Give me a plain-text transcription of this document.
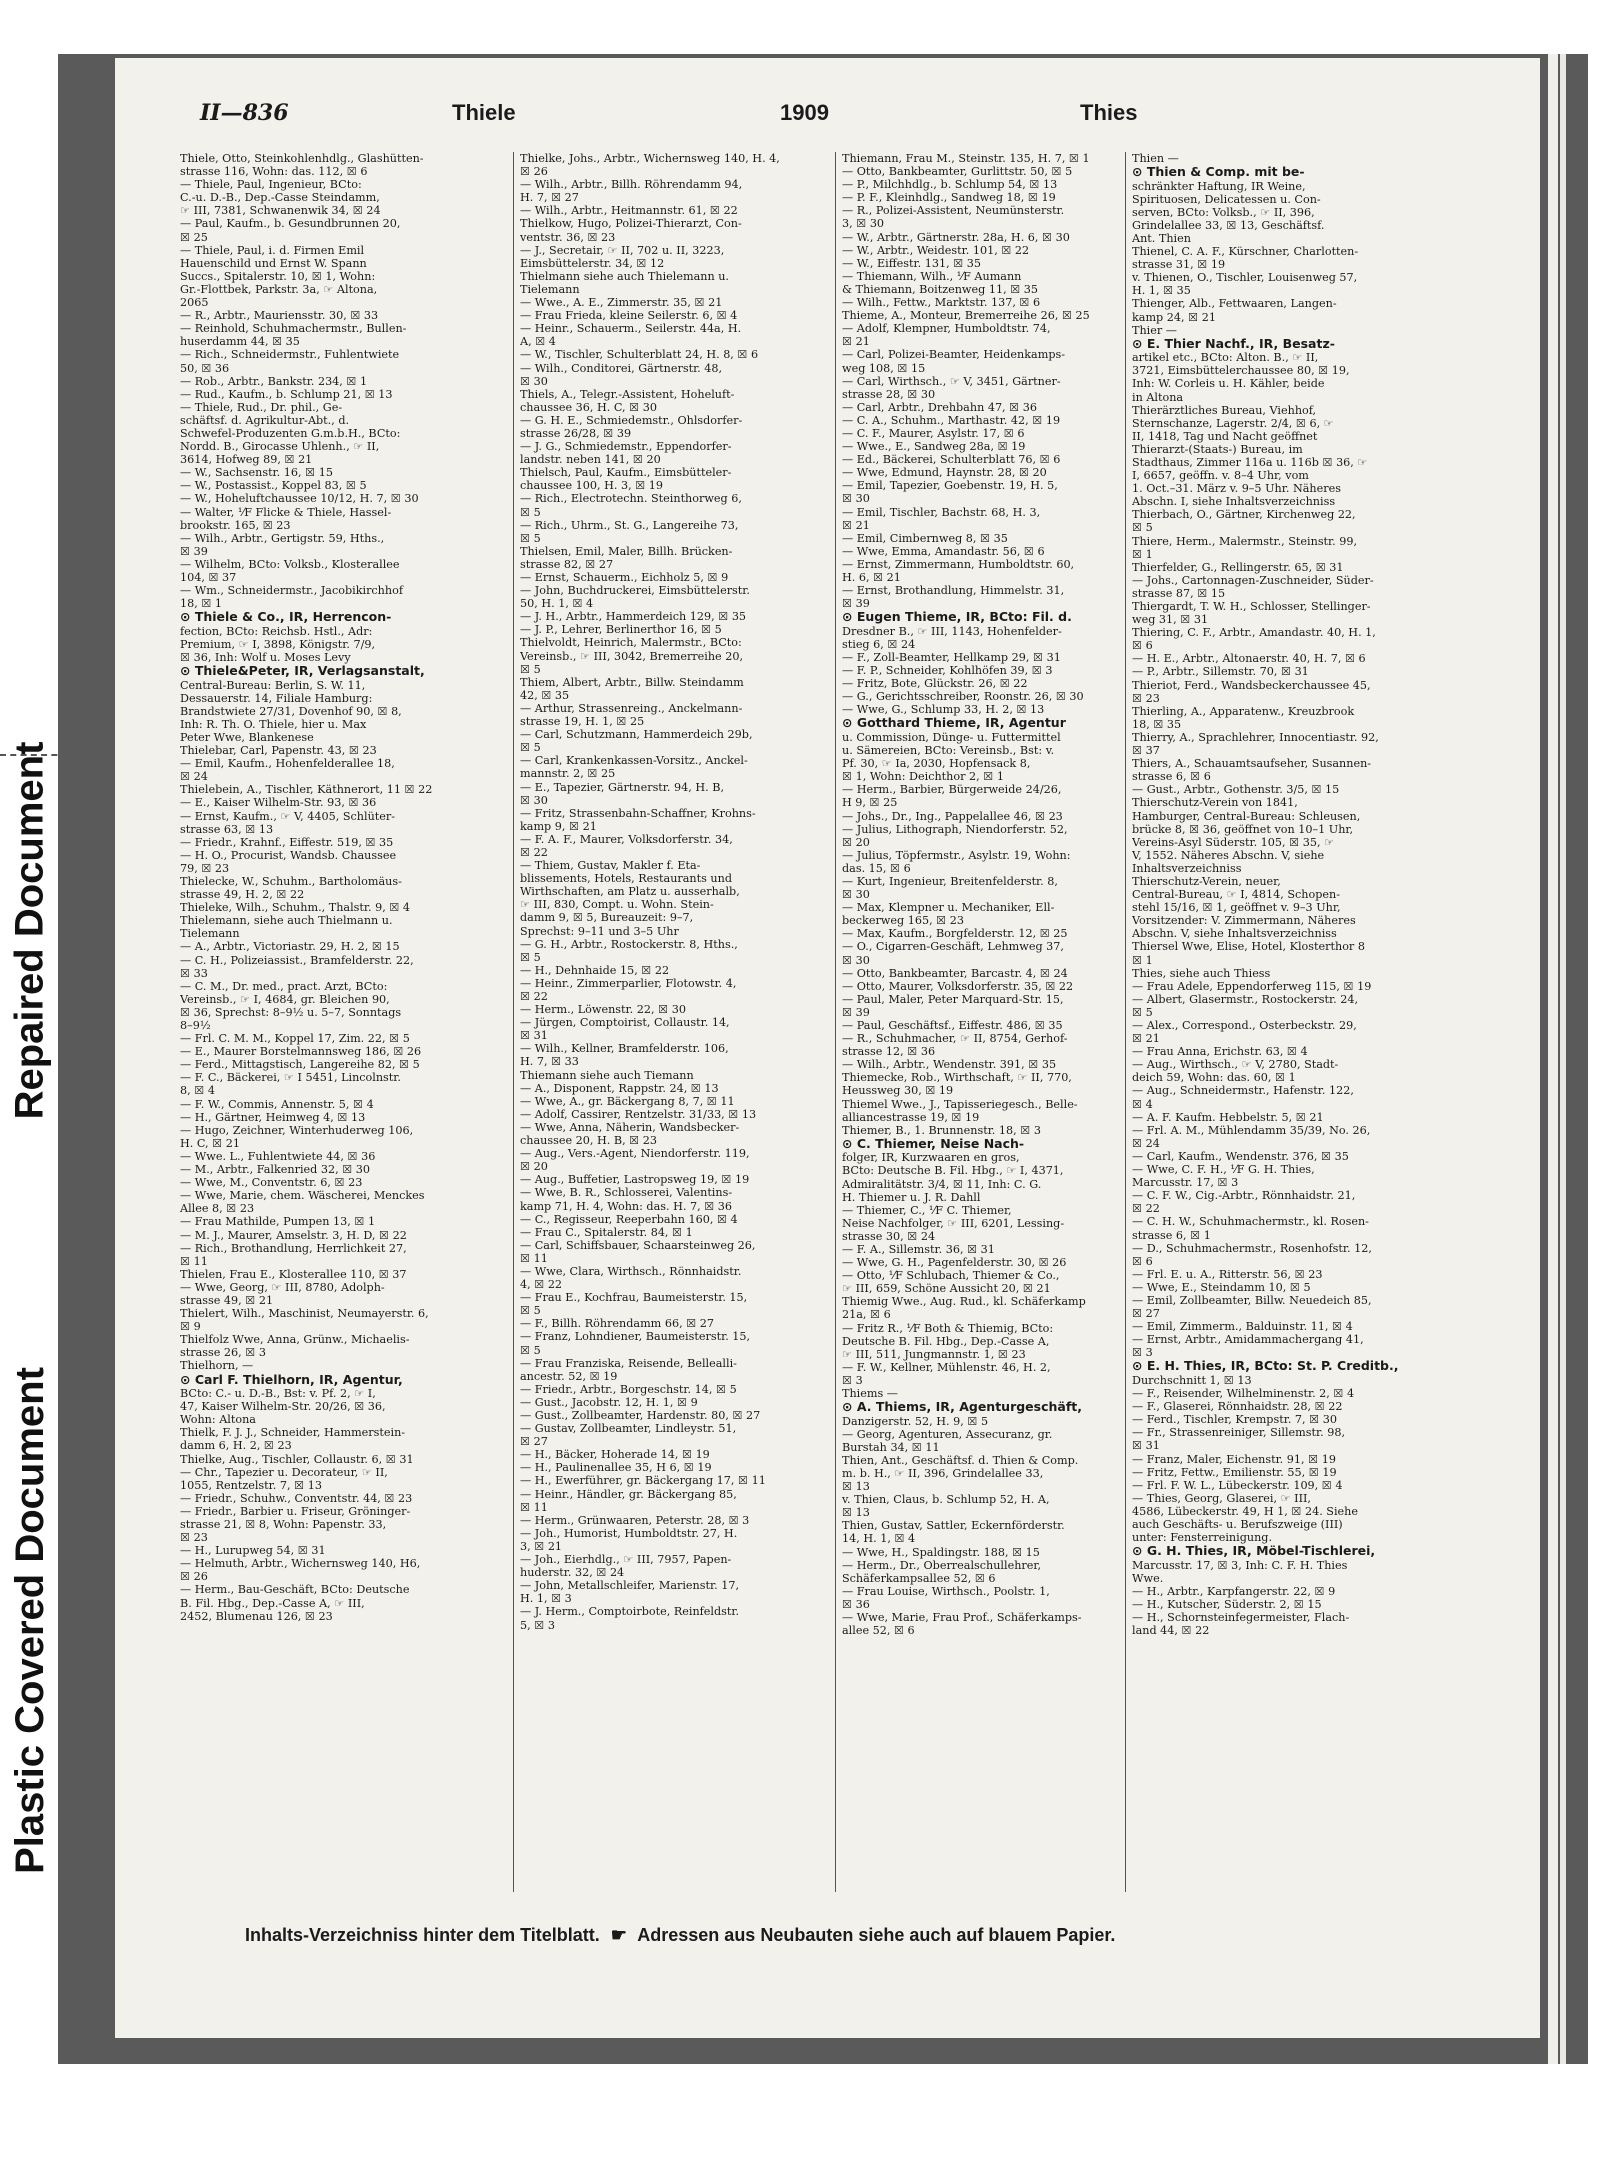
Repaired Document
Plastic Covered Document
II—836	Thiele	1909	Thies
Thiele, Otto, Steinkohlenhdlg., Glashütten-
strasse 116, Wohn: das. 112, ☒ 6
— Thiele, Paul, Ingenieur, BCto:
C.-u. D.-B., Dep.-Casse Steindamm,
☞ III, 7381, Schwanenwik 34, ☒ 24
— Paul, Kaufm., b. Gesundbrunnen 20,
☒ 25
— Thiele, Paul, i. d. Firmen Emil
Hauenschild und Ernst W. Spann
Succs., Spitalerstr. 10, ☒ 1, Wohn:
Gr.-Flottbek, Parkstr. 3a, ☞ Altona,
2065
— R., Arbtr., Mauriensstr. 30, ☒ 33
— Reinhold, Schuhmachermstr., Bullen-
huserdamm 44, ☒ 35
— Rich., Schneidermstr., Fuhlentwiete
50, ☒ 36
— Rob., Arbtr., Bankstr. 234, ☒ 1
— Rud., Kaufm., b. Schlump 21, ☒ 13
— Thiele, Rud., Dr. phil., Ge-
schäftsf. d. Agrikultur-Abt., d.
Schwefel-Produzenten G.m.b.H., BCto:
Nordd. B., Girocasse Uhlenh., ☞ II,
3614, Hofweg 89, ☒ 21
— W., Sachsenstr. 16, ☒ 15
— W., Postassist., Koppel 83, ☒ 5
— W., Hoheluftchaussee 10/12, H. 7, ☒ 30
— Walter, ⅟F Flicke & Thiele, Hassel-
brookstr. 165, ☒ 23
— Wilh., Arbtr., Gertigstr. 59, Hths.,
☒ 39
— Wilhelm, BCto: Volksb., Klosterallee
104, ☒ 37
— Wm., Schneidermstr., Jacobikirchhof
18, ☒ 1
⊙ Thiele & Co., IR, Herrencon-
fection, BCto: Reichsb. Hstl., Adr:
Premium, ☞ I, 3898, Königstr. 7/9,
☒ 36, Inh: Wolf u. Moses Levy
⊙ Thiele&Peter, IR, Verlagsanstalt,
Central-Bureau: Berlin, S. W. 11,
Dessauerstr. 14, Filiale Hamburg:
Brandstwiete 27/31, Dovenhof 90, ☒ 8,
Inh: R. Th. O. Thiele, hier u. Max
Peter Wwe, Blankenese
Thielebar, Carl, Papenstr. 43, ☒ 23
— Emil, Kaufm., Hohenfelderallee 18,
☒ 24
Thielebein, A., Tischler, Käthnerort, 11 ☒ 22
— E., Kaiser Wilhelm-Str. 93, ☒ 36
— Ernst, Kaufm., ☞ V, 4405, Schlüter-
strasse 63, ☒ 13
— Friedr., Krahnf., Eiffestr. 519, ☒ 35
— H. O., Procurist, Wandsb. Chaussee
79, ☒ 23
Thielecke, W., Schuhm., Bartholomäus-
strasse 49, H. 2, ☒ 22
Thieleke, Wilh., Schuhm., Thalstr. 9, ☒ 4
Thielemann, siehe auch Thielmann u.
Tielemann
— A., Arbtr., Victoriastr. 29, H. 2, ☒ 15
— C. H., Polizeiassist., Bramfelderstr. 22,
☒ 33
— C. M., Dr. med., pract. Arzt, BCto:
Vereinsb., ☞ I, 4684, gr. Bleichen 90,
☒ 36, Sprechst: 8–9½ u. 5–7, Sonntags
8–9½
— Frl. C. M. M., Koppel 17, Zim. 22, ☒ 5
— E., Maurer Borstelmannsweg 186, ☒ 26
— Ferd., Mittagstisch, Langereihe 82, ☒ 5
— F. C., Bäckerei, ☞ I 5451, Lincolnstr.
8, ☒ 4
— F. W., Commis, Annenstr. 5, ☒ 4
— H., Gärtner, Heimweg 4, ☒ 13
— Hugo, Zeichner, Winterhuderweg 106,
H. C, ☒ 21
— Wwe. L., Fuhlentwiete 44, ☒ 36
— M., Arbtr., Falkenried 32, ☒ 30
— Wwe, M., Conventstr. 6, ☒ 23
— Wwe, Marie, chem. Wäscherei, Menckes
Allee 8, ☒ 23
— Frau Mathilde, Pumpen 13, ☒ 1
— M. J., Maurer, Amselstr. 3, H. D, ☒ 22
— Rich., Brothandlung, Herrlichkeit 27,
☒ 11
Thielen, Frau E., Klosterallee 110, ☒ 37
— Wwe, Georg, ☞ III, 8780, Adolph-
strasse 49, ☒ 21
Thielert, Wilh., Maschinist, Neumayerstr. 6,
☒ 9
Thielfolz Wwe, Anna, Grünw., Michaelis-
strasse 26, ☒ 3
Thielhorn, —
⊙ Carl F. Thielhorn, IR, Agentur,
BCto: C.- u. D.-B., Bst: v. Pf. 2, ☞ I,
47, Kaiser Wilhelm-Str. 20/26, ☒ 36,
Wohn: Altona
Thielk, F. J. J., Schneider, Hammerstein-
damm 6, H. 2, ☒ 23
Thielke, Aug., Tischler, Collaustr. 6, ☒ 31
— Chr., Tapezier u. Decorateur, ☞ II,
1055, Rentzelstr. 7, ☒ 13
— Friedr., Schuhw., Conventstr. 44, ☒ 23
— Friedr., Barbier u. Friseur, Gröninger-
strasse 21, ☒ 8, Wohn: Papenstr. 33,
☒ 23
— H., Lurupweg 54, ☒ 31
— Helmuth, Arbtr., Wichernsweg 140, H6,
☒ 26
— Herm., Bau-Geschäft, BCto: Deutsche
B. Fil. Hbg., Dep.-Casse A, ☞ III,
2452, Blumenau 126, ☒ 23
Thielke, Johs., Arbtr., Wichernsweg 140, H. 4,
☒ 26
— Wilh., Arbtr., Billh. Röhrendamm 94,
H. 7, ☒ 27
— Wilh., Arbtr., Heitmannstr. 61, ☒ 22
Thielkow, Hugo, Polizei-Thierarzt, Con-
ventstr. 36, ☒ 23
— J., Secretair, ☞ II, 702 u. II, 3223,
Eimsbüttelerstr. 34, ☒ 12
Thielmann siehe auch Thielemann u.
Tielemann
— Wwe., A. E., Zimmerstr. 35, ☒ 21
— Frau Frieda, kleine Seilerstr. 6, ☒ 4
— Heinr., Schauerm., Seilerstr. 44a, H.
A, ☒ 4
— W., Tischler, Schulterblatt 24, H. 8, ☒ 6
— Wilh., Conditorei, Gärtnerstr. 48,
☒ 30
Thiels, A., Telegr.-Assistent, Hoheluft-
chaussee 36, H. C, ☒ 30
— G. H. E., Schmiedemstr., Ohlsdorfer-
strasse 26/28, ☒ 39
— J. G., Schmiedemstr., Eppendorfer-
landstr. neben 141, ☒ 20
Thielsch, Paul, Kaufm., Eimsbütteler-
chaussee 100, H. 3, ☒ 19
— Rich., Electrotechn. Steinthorweg 6,
☒ 5
— Rich., Uhrm., St. G., Langereihe 73,
☒ 5
Thielsen, Emil, Maler, Billh. Brücken-
strasse 82, ☒ 27
— Ernst, Schauerm., Eichholz 5, ☒ 9
— John, Buchdruckerei, Eimsbüttelerstr.
50, H. 1, ☒ 4
— J. H., Arbtr., Hammerdeich 129, ☒ 35
— J. P., Lehrer, Berlinerthor 16, ☒ 5
Thielvoldt, Heinrich, Malermstr., BCto:
Vereinsb., ☞ III, 3042, Bremerreihe 20,
☒ 5
Thiem, Albert, Arbtr., Billw. Steindamm
42, ☒ 35
— Arthur, Strassenreing., Anckelmann-
strasse 19, H. 1, ☒ 25
— Carl, Schutzmann, Hammerdeich 29b,
☒ 5
— Carl, Krankenkassen-Vorsitz., Anckel-
mannstr. 2, ☒ 25
— E., Tapezier, Gärtnerstr. 94, H. B,
☒ 30
— Fritz, Strassenbahn-Schaffner, Krohns-
kamp 9, ☒ 21
— F. A. F., Maurer, Volksdorferstr. 34,
☒ 22
— Thiem, Gustav, Makler f. Eta-
blissements, Hotels, Restaurants und
Wirthschaften, am Platz u. ausserhalb,
☞ III, 830, Compt. u. Wohn. Stein-
damm 9, ☒ 5, Bureauzeit: 9–7,
Sprechst: 9–11 und 3–5 Uhr
— G. H., Arbtr., Rostockerstr. 8, Hths.,
☒ 5
— H., Dehnhaide 15, ☒ 22
— Heinr., Zimmerparlier, Flotowstr. 4,
☒ 22
— Herm., Löwenstr. 22, ☒ 30
— Jürgen, Comptoirist, Collaustr. 14,
☒ 31
— Wilh., Kellner, Bramfelderstr. 106,
H. 7, ☒ 33
Thiemann siehe auch Tiemann
— A., Disponent, Rappstr. 24, ☒ 13
— Wwe, A., gr. Bäckergang 8, 7, ☒ 11
— Adolf, Cassirer, Rentzelstr. 31/33, ☒ 13
— Wwe, Anna, Näherin, Wandsbecker-
chaussee 20, H. B, ☒ 23
— Aug., Vers.-Agent, Niendorferstr. 119,
☒ 20
— Aug., Buffetier, Lastropsweg 19, ☒ 19
— Wwe, B. R., Schlosserei, Valentins-
kamp 71, H. 4, Wohn: das. H. 7, ☒ 36
— C., Regisseur, Reeperbahn 160, ☒ 4
— Frau C., Spitalerstr. 84, ☒ 1
— Carl, Schiffsbauer, Schaarsteinweg 26,
☒ 11
— Wwe, Clara, Wirthsch., Rönnhaidstr.
4, ☒ 22
— Frau E., Kochfrau, Baumeisterstr. 15,
☒ 5
— F., Billh. Röhrendamm 66, ☒ 27
— Franz, Lohndiener, Baumeisterstr. 15,
☒ 5
— Frau Franziska, Reisende, Bellealli-
ancestr. 52, ☒ 19
— Friedr., Arbtr., Borgeschstr. 14, ☒ 5
— Gust., Jacobstr. 12, H. 1, ☒ 9
— Gust., Zollbeamter, Hardenstr. 80, ☒ 27
— Gustav, Zollbeamter, Lindleystr. 51,
☒ 27
— H., Bäcker, Hoherade 14, ☒ 19
— H., Paulinenallee 35, H 6, ☒ 19
— H., Ewerführer, gr. Bäckergang 17, ☒ 11
— Heinr., Händler, gr. Bäckergang 85,
☒ 11
— Herm., Grünwaaren, Peterstr. 28, ☒ 3
— Joh., Humorist, Humboldtstr. 27, H.
3, ☒ 21
— Joh., Eierhdlg., ☞ III, 7957, Papen-
huderstr. 32, ☒ 24
— John, Metallschleifer, Marienstr. 17,
H. 1, ☒ 3
— J. Herm., Comptoirbote, Reinfeldstr.
5, ☒ 3
Thiemann, Frau M., Steinstr. 135, H. 7, ☒ 1
— Otto, Bankbeamter, Gurlittstr. 50, ☒ 5
— P., Milchhdlg., b. Schlump 54, ☒ 13
— P. F., Kleinhdlg., Sandweg 18, ☒ 19
— R., Polizei-Assistent, Neumünsterstr.
3, ☒ 30
— W., Arbtr., Gärtnerstr. 28a, H. 6, ☒ 30
— W., Arbtr., Weidestr. 101, ☒ 22
— W., Eiffestr. 131, ☒ 35
— Thiemann, Wilh., ⅟F Aumann
& Thiemann, Boitzenweg 11, ☒ 35
— Wilh., Fettw., Marktstr. 137, ☒ 6
Thieme, A., Monteur, Bremerreihe 26, ☒ 25
— Adolf, Klempner, Humboldtstr. 74,
☒ 21
— Carl, Polizei-Beamter, Heidenkamps-
weg 108, ☒ 15
— Carl, Wirthsch., ☞ V, 3451, Gärtner-
strasse 28, ☒ 30
— Carl, Arbtr., Drehbahn 47, ☒ 36
— C. A., Schuhm., Marthastr. 42, ☒ 19
— C. F., Maurer, Asylstr. 17, ☒ 6
— Wwe., E., Sandweg 28a, ☒ 19
— Ed., Bäckerei, Schulterblatt 76, ☒ 6
— Wwe, Edmund, Haynstr. 28, ☒ 20
— Emil, Tapezier, Goebenstr. 19, H. 5,
☒ 30
— Emil, Tischler, Bachstr. 68, H. 3,
☒ 21
— Emil, Cimbernweg 8, ☒ 35
— Wwe, Emma, Amandastr. 56, ☒ 6
— Ernst, Zimmermann, Humboldtstr. 60,
H. 6, ☒ 21
— Ernst, Brothandlung, Himmelstr. 31,
☒ 39
⊙ Eugen Thieme, IR, BCto: Fil. d.
Dresdner B., ☞ III, 1143, Hohenfelder-
stieg 6, ☒ 24
— F., Zoll-Beamter, Hellkamp 29, ☒ 31
— F. P., Schneider, Kohlhöfen 39, ☒ 3
— Fritz, Bote, Glückstr. 26, ☒ 22
— G., Gerichtsschreiber, Roonstr. 26, ☒ 30
— Wwe, G., Schlump 33, H. 2, ☒ 13
⊙ Gotthard Thieme, IR, Agentur
u. Commission, Dünge- u. Futtermittel
u. Sämereien, BCto: Vereinsb., Bst: v.
Pf. 30, ☞ Ia, 2030, Hopfensack 8,
☒ 1, Wohn: Deichthor 2, ☒ 1
— Herm., Barbier, Bürgerweide 24/26,
H 9, ☒ 25
— Johs., Dr., Ing., Pappelallee 46, ☒ 23
— Julius, Lithograph, Niendorferstr. 52,
☒ 20
— Julius, Töpfermstr., Asylstr. 19, Wohn:
das. 15, ☒ 6
— Kurt, Ingenieur, Breitenfelderstr. 8,
☒ 30
— Max, Klempner u. Mechaniker, Ell-
beckerweg 165, ☒ 23
— Max, Kaufm., Borgfelderstr. 12, ☒ 25
— O., Cigarren-Geschäft, Lehmweg 37,
☒ 30
— Otto, Bankbeamter, Barcastr. 4, ☒ 24
— Otto, Maurer, Volksdorferstr. 35, ☒ 22
— Paul, Maler, Peter Marquard-Str. 15,
☒ 39
— Paul, Geschäftsf., Eiffestr. 486, ☒ 35
— R., Schuhmacher, ☞ II, 8754, Gerhof-
strasse 12, ☒ 36
— Wilh., Arbtr., Wendenstr. 391, ☒ 35
Thiemecke, Rob., Wirthschaft, ☞ II, 770,
Heussweg 30, ☒ 19
Thiemel Wwe., J., Tapisseriegesch., Belle-
alliancestrasse 19, ☒ 19
Thiemer, B., 1. Brunnenstr. 18, ☒ 3
⊙ C. Thiemer, Neise Nach-
folger, IR, Kurzwaaren en gros,
BCto: Deutsche B. Fil. Hbg., ☞ I, 4371,
Admiralitätstr. 3/4, ☒ 11, Inh: C. G.
H. Thiemer u. J. R. Dahll
— Thiemer, C., ⅟F C. Thiemer,
Neise Nachfolger, ☞ III, 6201, Lessing-
strasse 30, ☒ 24
— F. A., Sillemstr. 36, ☒ 31
— Wwe, G. H., Pagenfelderstr. 30, ☒ 26
— Otto, ⅟F Schlubach, Thiemer & Co.,
☞ III, 659, Schöne Aussicht 20, ☒ 21
Thiemig Wwe., Aug. Rud., kl. Schäferkamp
21a, ☒ 6
— Fritz R., ⅟F Both & Thiemig, BCto:
Deutsche B. Fil. Hbg., Dep.-Casse A,
☞ III, 511, Jungmannstr. 1, ☒ 23
— F. W., Kellner, Mühlenstr. 46, H. 2,
☒ 3
Thiems —
⊙ A. Thiems, IR, Agenturgeschäft,
Danzigerstr. 52, H. 9, ☒ 5
— Georg, Agenturen, Assecuranz, gr.
Burstah 34, ☒ 11
Thien, Ant., Geschäftsf. d. Thien & Comp.
m. b. H., ☞ II, 396, Grindelallee 33,
☒ 13
v. Thien, Claus, b. Schlump 52, H. A,
☒ 13
Thien, Gustav, Sattler, Eckernförderstr.
14, H. 1, ☒ 4
— Wwe, H., Spaldingstr. 188, ☒ 15
— Herm., Dr., Oberrealschullehrer,
Schäferkampsallee 52, ☒ 6
— Frau Louise, Wirthsch., Poolstr. 1,
☒ 36
— Wwe, Marie, Frau Prof., Schäferkamps-
allee 52, ☒ 6
Thien —
⊙ Thien & Comp. mit be-
schränkter Haftung, IR Weine,
Spirituosen, Delicatessen u. Con-
serven, BCto: Volksb., ☞ II, 396,
Grindelallee 33, ☒ 13, Geschäftsf.
Ant. Thien
Thienel, C. A. F., Kürschner, Charlotten-
strasse 31, ☒ 19
v. Thienen, O., Tischler, Louisenweg 57,
H. 1, ☒ 35
Thienger, Alb., Fettwaaren, Langen-
kamp 24, ☒ 21
Thier —
⊙ E. Thier Nachf., IR, Besatz-
artikel etc., BCto: Alton. B., ☞ II,
3721, Eimsbüttelerchaussee 80, ☒ 19,
Inh: W. Corleis u. H. Kähler, beide
in Altona
Thierärztliches Bureau, Viehhof,
Sternschanze, Lagerstr. 2/4, ☒ 6, ☞
II, 1418, Tag und Nacht geöffnet
Thierarzt-(Staats-) Bureau, im
Stadthaus, Zimmer 116a u. 116b ☒ 36, ☞
I, 6657, geöffn. v. 8–4 Uhr, vom
1. Oct.–31. März v. 9–5 Uhr. Näheres
Abschn. I, siehe Inhaltsverzeichniss
Thierbach, O., Gärtner, Kirchenweg 22,
☒ 5
Thiere, Herm., Malermstr., Steinstr. 99,
☒ 1
Thierfelder, G., Rellingerstr. 65, ☒ 31
— Johs., Cartonnagen-Zuschneider, Süder-
strasse 87, ☒ 15
Thiergardt, T. W. H., Schlosser, Stellinger-
weg 31, ☒ 31
Thiering, C. F., Arbtr., Amandastr. 40, H. 1,
☒ 6
— H. E., Arbtr., Altonaerstr. 40, H. 7, ☒ 6
— P., Arbtr., Sillemstr. 70, ☒ 31
Thieriot, Ferd., Wandsbeckerchaussee 45,
☒ 23
Thierling, A., Apparatenw., Kreuzbrook
18, ☒ 35
Thierry, A., Sprachlehrer, Innocentiastr. 92,
☒ 37
Thiers, A., Schauamtsaufseher, Susannen-
strasse 6, ☒ 6
— Gust., Arbtr., Gothenstr. 3/5, ☒ 15
Thierschutz-Verein von 1841,
Hamburger, Central-Bureau: Schleusen,
brücke 8, ☒ 36, geöffnet von 10–1 Uhr,
Vereins-Asyl Süderstr. 105, ☒ 35, ☞
V, 1552. Näheres Abschn. V, siehe
Inhaltsverzeichniss
Thierschutz-Verein, neuer,
Central-Bureau, ☞ I, 4814, Schopen-
stehl 15/16, ☒ 1, geöffnet v. 9–3 Uhr,
Vorsitzender: V. Zimmermann, Näheres
Abschn. V, siehe Inhaltsverzeichniss
Thiersel Wwe, Elise, Hotel, Klosterthor 8
☒ 1
Thies, siehe auch Thiess
— Frau Adele, Eppendorferweg 115, ☒ 19
— Albert, Glasermstr., Rostockerstr. 24,
☒ 5
— Alex., Correspond., Osterbeckstr. 29,
☒ 21
— Frau Anna, Erichstr. 63, ☒ 4
— Aug., Wirthsch., ☞ V, 2780, Stadt-
deich 59, Wohn: das. 60, ☒ 1
— Aug., Schneidermstr., Hafenstr. 122,
☒ 4
— A. F. Kaufm. Hebbelstr. 5, ☒ 21
— Frl. A. M., Mühlendamm 35/39, No. 26,
☒ 24
— Carl, Kaufm., Wendenstr. 376, ☒ 35
— Wwe, C. F. H., ⅟F G. H. Thies,
Marcusstr. 17, ☒ 3
— C. F. W., Cig.-Arbtr., Rönnhaidstr. 21,
☒ 22
— C. H. W., Schuhmachermstr., kl. Rosen-
strasse 6, ☒ 1
— D., Schuhmachermstr., Rosenhofstr. 12,
☒ 6
— Frl. E. u. A., Ritterstr. 56, ☒ 23
— Wwe, E., Steindamm 10, ☒ 5
— Emil, Zollbeamter, Billw. Neuedeich 85,
☒ 27
— Emil, Zimmerm., Balduinstr. 11, ☒ 4
— Ernst, Arbtr., Amidammachergang 41,
☒ 3
⊙ E. H. Thies, IR, BCto: St. P. Creditb.,
Durchschnitt 1, ☒ 13
— F., Reisender, Wilhelminenstr. 2, ☒ 4
— F., Glaserei, Rönnhaidstr. 28, ☒ 22
— Ferd., Tischler, Krempstr. 7, ☒ 30
— Fr., Strassenreiniger, Sillemstr. 98,
☒ 31
— Franz, Maler, Eichenstr. 91, ☒ 19
— Fritz, Fettw., Emilienstr. 55, ☒ 19
— Frl. F. W. L., Lübeckerstr. 109, ☒ 4
— Thies, Georg, Glaserei, ☞ III,
4586, Lübeckerstr. 49, H 1, ☒ 24. Siehe
auch Geschäfts- u. Berufszweige (III)
unter: Fensterreinigung.
⊙ G. H. Thies, IR, Möbel-Tischlerei,
Marcusstr. 17, ☒ 3, Inh: C. F. H. Thies
Wwe.
— H., Arbtr., Karpfangerstr. 22, ☒ 9
— H., Kutscher, Süderstr. 2, ☒ 15
— H., Schornsteinfegermeister, Flach-
land 44, ☒ 22
Inhalts-Verzeichniss hinter dem Titelblatt. ☛ Adressen aus Neubauten siehe auch auf blauem Papier.
